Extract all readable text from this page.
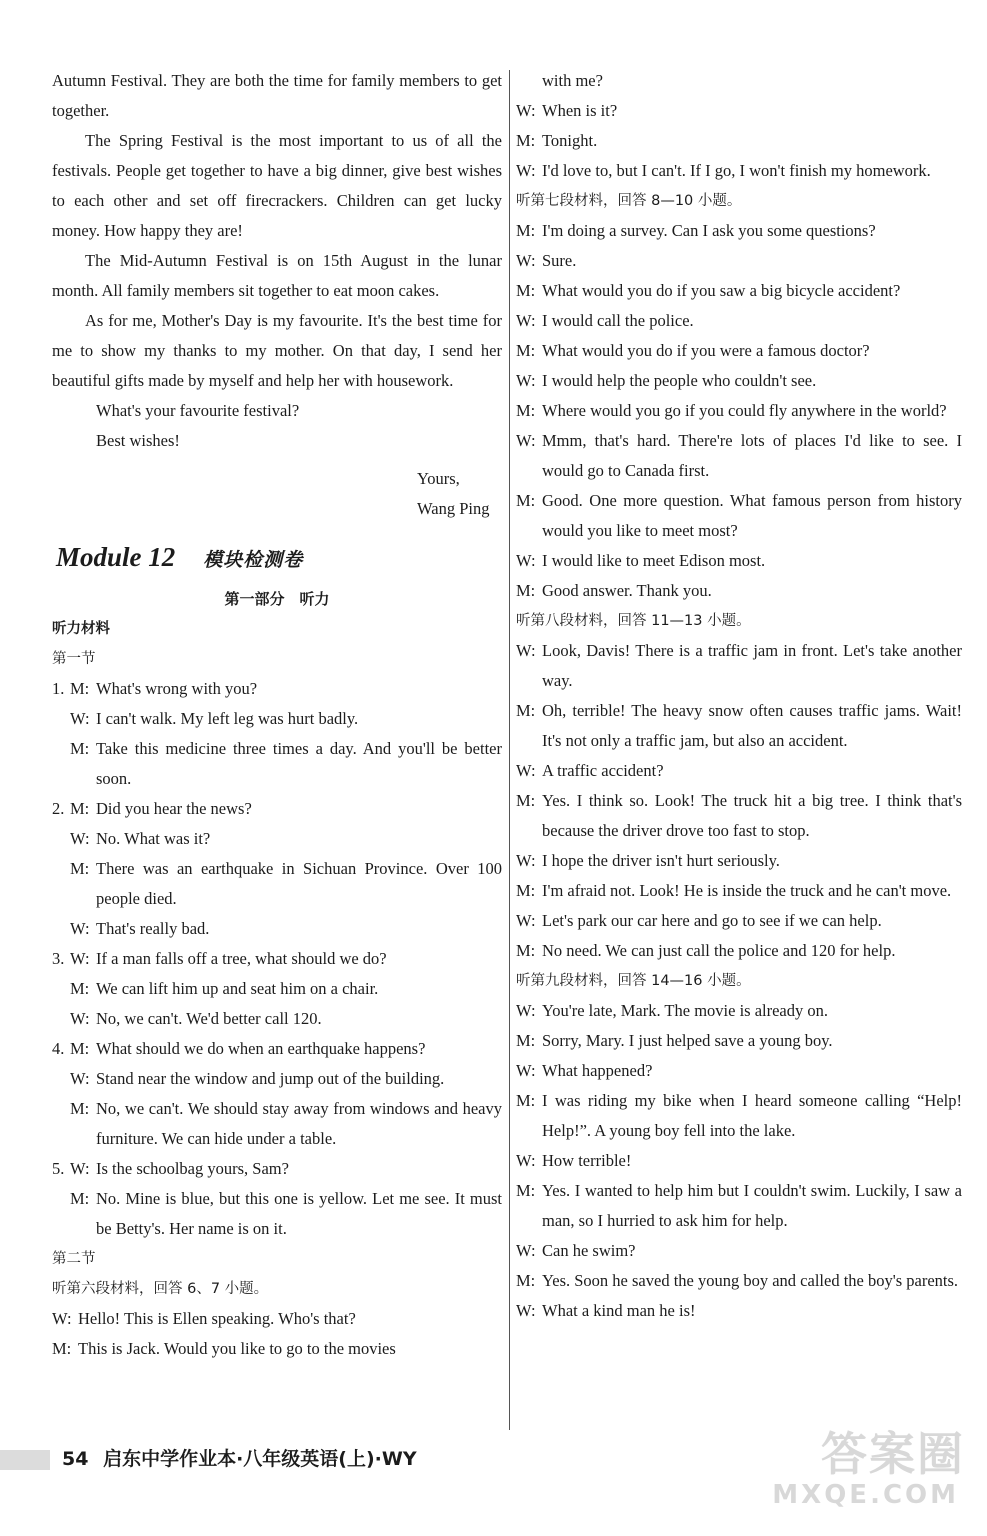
Autumn Festival. They are both the time for family members to get together.

The Spring Festival is the most important to us of all the festivals. People get together to have a big dinner, give best wishes to each other and set off firecrackers. Children can get lucky money. How happy they are!

The Mid-Autumn Festival is on 15th August in the lunar month. All family members sit together to eat moon cakes.

As for me, Mother's Day is my favourite. It's the best time for me to show my thanks to my mother. On that day, I send her beautiful gifts made by myself and help her with housework.

What's your favourite festival?

Best wishes!

Yours,

Wang Ping

Module 12 模块检测卷
第一部分　听力
听力材料
第一节
1. M: What's wrong with you?
W: I can't walk. My left leg was hurt badly.
M: Take this medicine three times a day. And you'll be better soon.
2. M: Did you hear the news?
W: No. What was it?
M: There was an earthquake in Sichuan Province. Over 100 people died.
W: That's really bad.
3. W: If a man falls off a tree, what should we do?
M: We can lift him up and seat him on a chair.
W: No, we can't. We'd better call 120.
4. M: What should we do when an earthquake happens?
W: Stand near the window and jump out of the building.
M: No, we can't. We should stay away from windows and heavy furniture. We can hide under a table.
5. W: Is the schoolbag yours, Sam?
M: No. Mine is blue, but this one is yellow. Let me see. It must be Betty's. Her name is on it.
第二节
听第六段材料，回答 6、7 小题。
W: Hello! This is Ellen speaking. Who's that?
M: This is Jack. Would you like to go to the movies
with me?
W: When is it?
M: Tonight.
W: I'd love to, but I can't. If I go, I won't finish my homework.
听第七段材料，回答 8—10 小题。
M: I'm doing a survey. Can I ask you some questions?
W: Sure.
M: What would you do if you saw a big bicycle accident?
W: I would call the police.
M: What would you do if you were a famous doctor?
W: I would help the people who couldn't see.
M: Where would you go if you could fly anywhere in the world?
W: Mmm, that's hard. There're lots of places I'd like to see. I would go to Canada first.
M: Good. One more question. What famous person from history would you like to meet most?
W: I would like to meet Edison most.
M: Good answer. Thank you.
听第八段材料，回答 11—13 小题。
W: Look, Davis! There is a traffic jam in front. Let's take another way.
M: Oh, terrible! The heavy snow often causes traffic jams. Wait! It's not only a traffic jam, but also an accident.
W: A traffic accident?
M: Yes. I think so. Look! The truck hit a big tree. I think that's because the driver drove too fast to stop.
W: I hope the driver isn't hurt seriously.
M: I'm afraid not. Look! He is inside the truck and he can't move.
W: Let's park our car here and go to see if we can help.
M: No need. We can just call the police and 120 for help.
听第九段材料，回答 14—16 小题。
W: You're late, Mark. The movie is already on.
M: Sorry, Mary. I just helped save a young boy.
W: What happened?
M: I was riding my bike when I heard someone calling “Help! Help!”. A young boy fell into the lake.
W: How terrible!
M: Yes. I wanted to help him but I couldn't swim. Luckily, I saw a man, so I hurried to ask him for help.
W: Can he swim?
M: Yes. Soon he saved the young boy and called the boy's parents.
W: What a kind man he is!
54 启东中学作业本·八年级英语(上)·WY	答案圈
MXQE.COM
